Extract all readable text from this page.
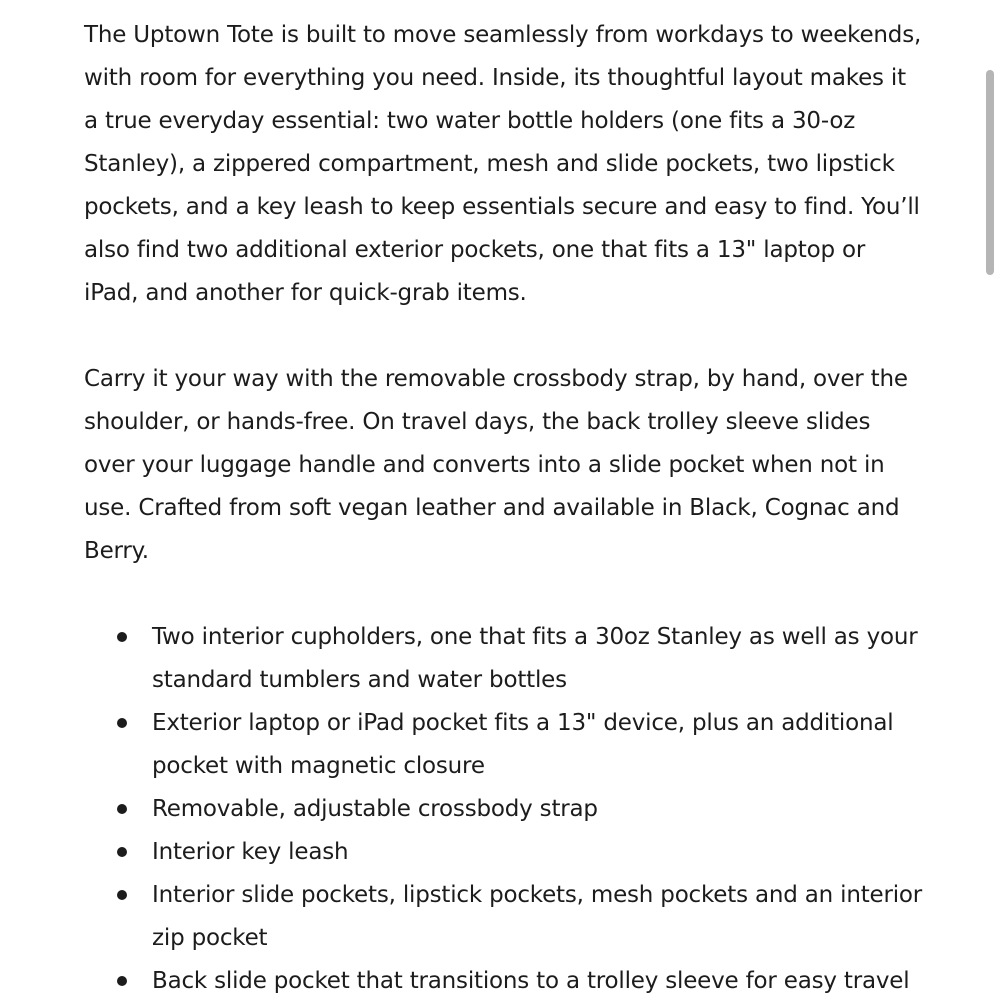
The Uptown Tote is built to move seamlessly from workdays to weekends, with room for everything you need. Inside, its thoughtful layout makes it a true everyday essential: two water bottle holders (one fits a 30-oz Stanley), a zippered compartment, mesh and slide pockets, two lipstick pockets, and a key leash to keep essentials secure and easy to find. You’ll also find two additional exterior pockets, one that fits a 13" laptop or iPad, and another for quick-grab items.

Carry it your way with the removable crossbody strap, by hand, over the shoulder, or hands-free. On travel days, the back trolley sleeve slides over your luggage handle and converts into a slide pocket when not in use. Crafted from soft vegan leather and available in Black, Cognac and Berry.

Two interior cupholders, one that fits a 30oz Stanley as well as your standard tumblers and water bottles
Exterior laptop or iPad pocket fits a 13" device, plus an additional pocket with magnetic closure
Removable, adjustable crossbody strap
Interior key leash
Interior slide pockets, lipstick pockets, mesh pockets and an interior zip pocket
Back slide pocket that transitions to a trolley sleeve for easy travel
